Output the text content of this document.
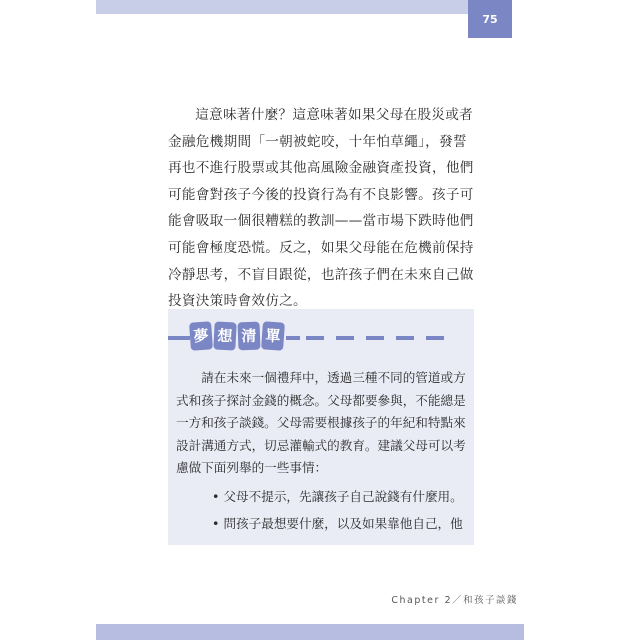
75

這意味著什麼？這意味著如果父母在股災或者金融危機期間「一朝被蛇咬，十年怕草繩」，發誓再也不進行股票或其他高風險金融資產投資，他們可能會對孩子今後的投資行為有不良影響。孩子可能會吸取一個很糟糕的教訓——當市場下跌時他們可能會極度恐慌。反之，如果父母能在危機前保持冷靜思考，不盲目跟從，也許孩子們在未來自己做投資決策時會效仿之。

夢 想 清 單

請在未來一個禮拜中，透過三種不同的管道或方式和孩子探討金錢的概念。父母都要參與，不能總是一方和孩子談錢。父母需要根據孩子的年紀和特點來設計溝通方式，切忌灌輸式的教育。建議父母可以考慮做下面列舉的一些事情：

• 父母不提示，先讓孩子自己說錢有什麼用。
• 問孩子最想要什麼，以及如果靠他自己，他
Chapter 2／和孩子談錢
